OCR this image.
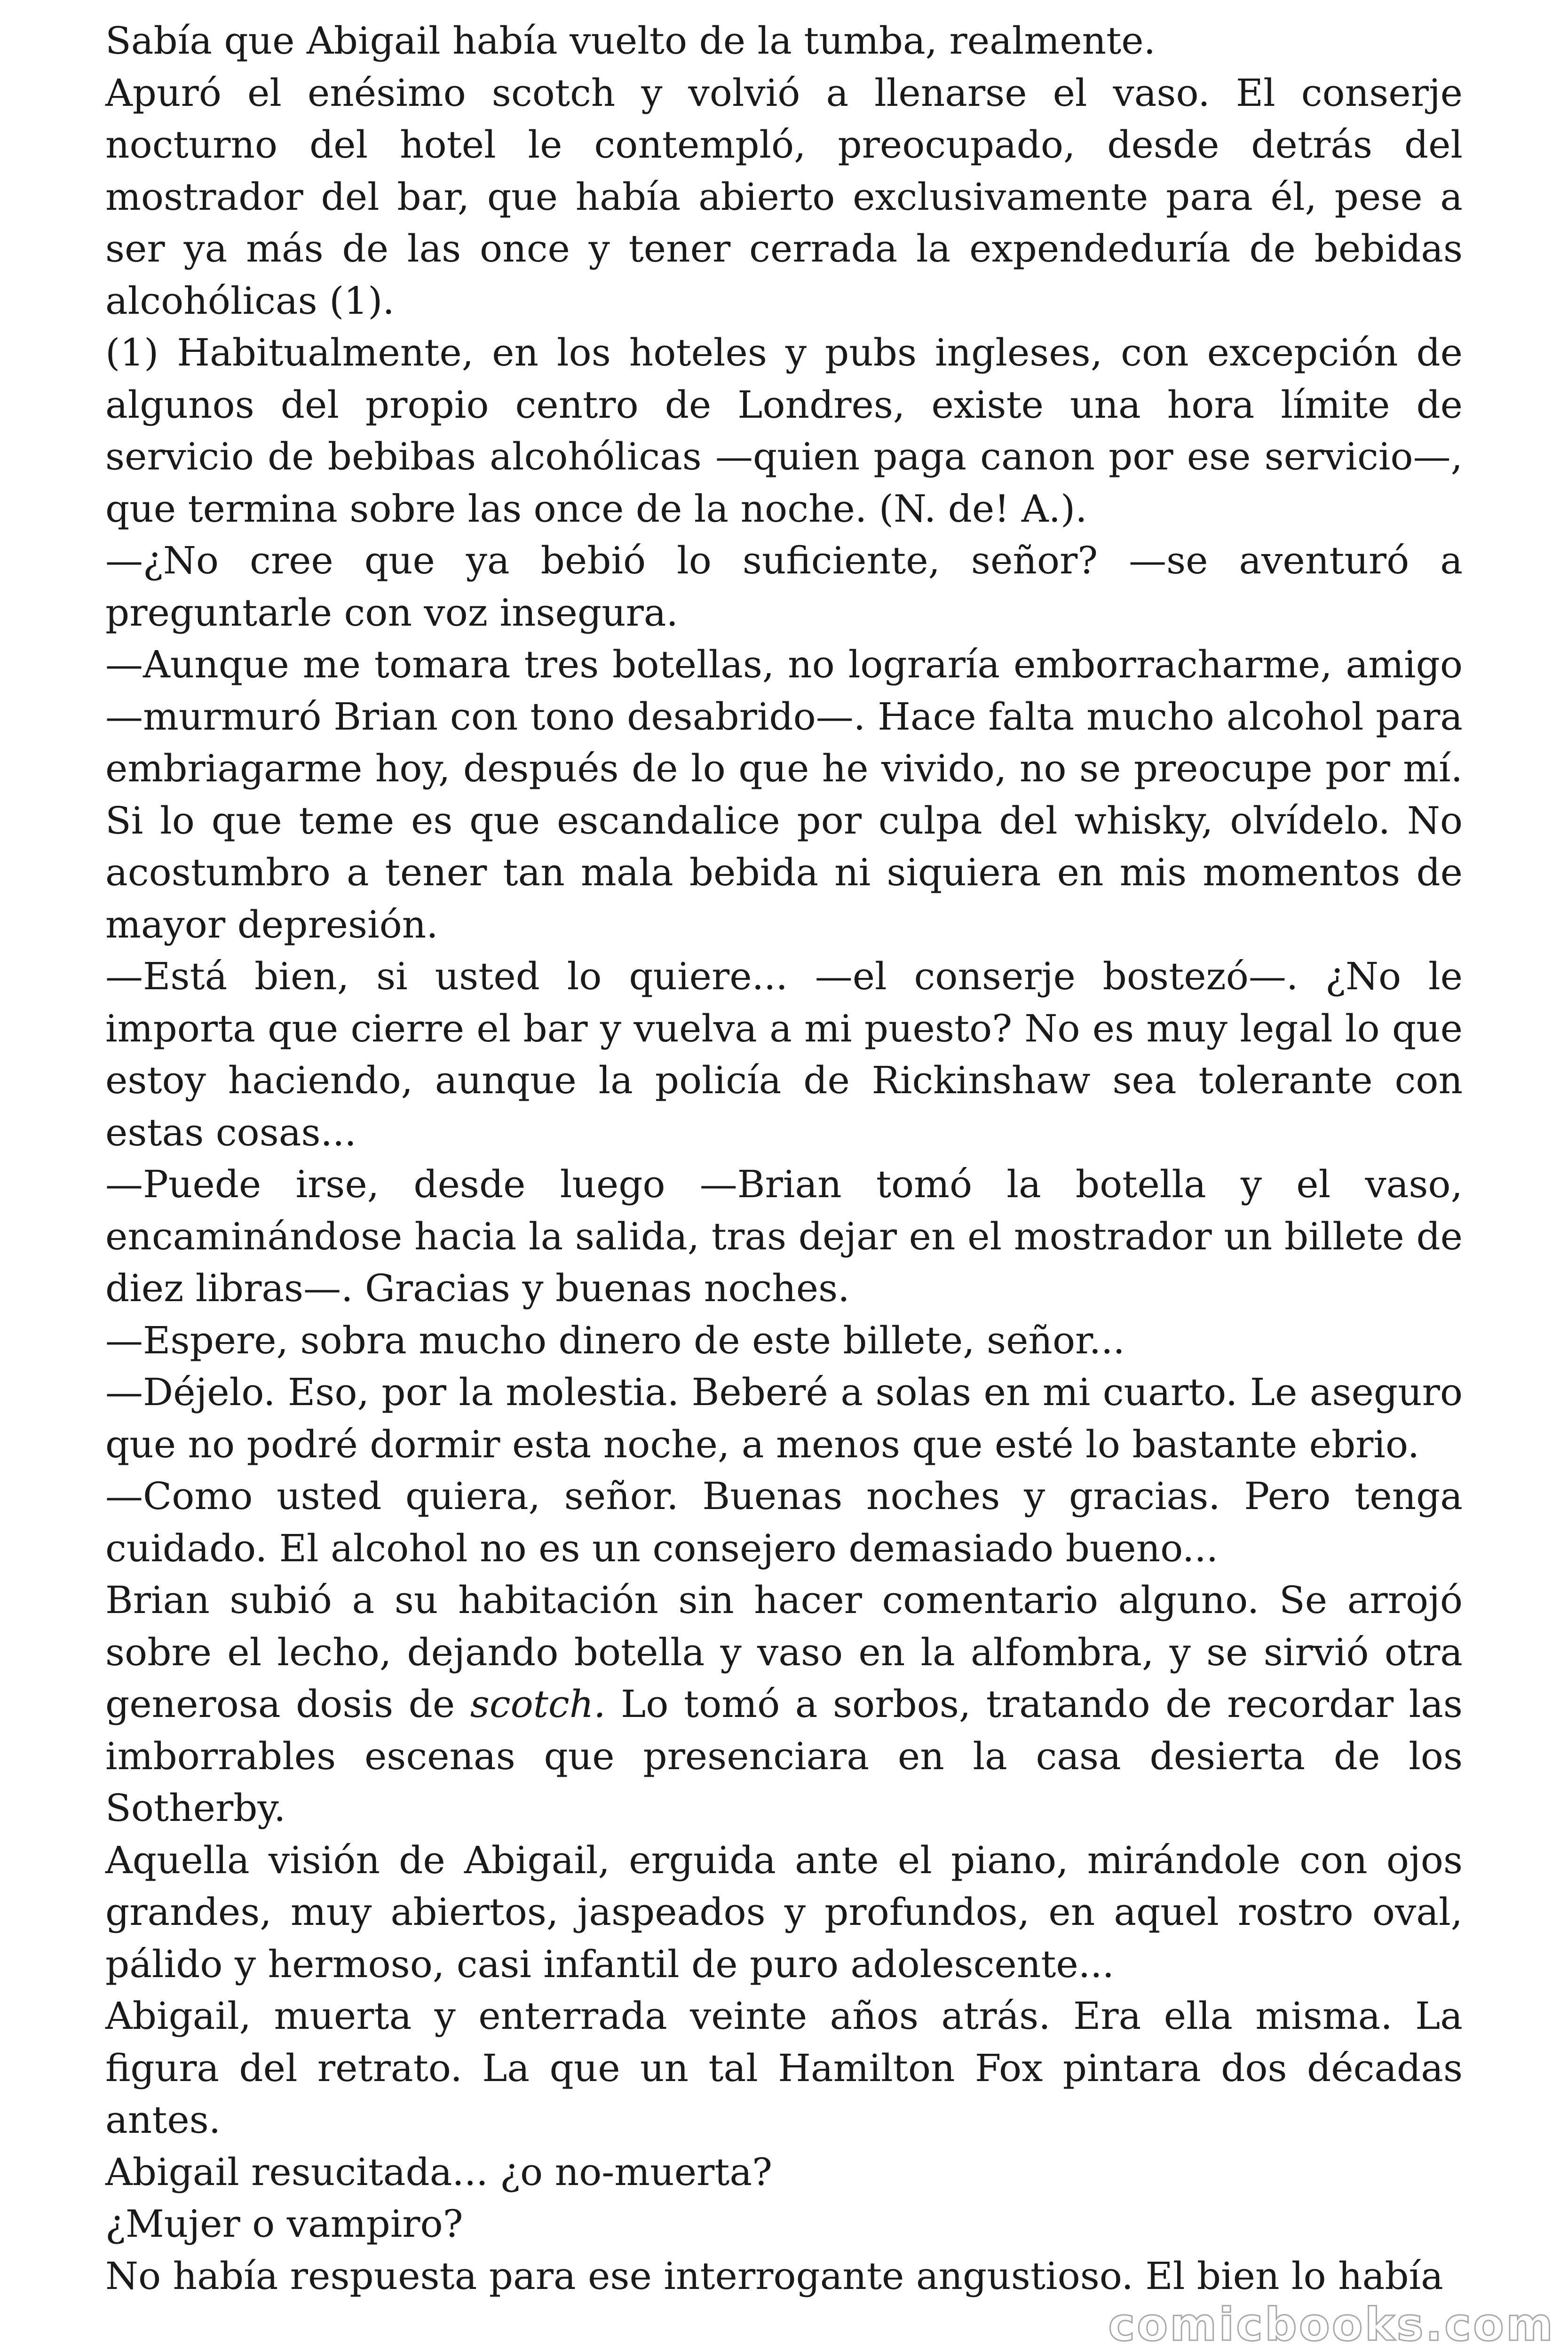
Sabía que Abigail había vuelto de la tumba, realmente.

Apuró el enésimo scotch y volvió a llenarse el vaso. El conserje nocturno del hotel le contempló, preocupado, desde detrás del mostrador del bar, que había abierto exclusivamente para él, pese a ser ya más de las once y tener cerrada la expendeduría de bebidas alcohólicas (1).

(1) Habitualmente, en los hoteles y pubs ingleses, con excepción de algunos del propio centro de Londres, existe una hora límite de servicio de bebibas alcohólicas —quien paga canon por ese servicio—, que termina sobre las once de la noche. (N. de! A.).

—¿No cree que ya bebió lo suficiente, señor? —se aventuró a preguntarle con voz insegura.

—Aunque me tomara tres botellas, no lograría emborracharme, amigo —murmuró Brian con tono desabrido—. Hace falta mucho alcohol para embriagarme hoy, después de lo que he vivido, no se preocupe por mí. Si lo que teme es que escandalice por culpa del whisky, olvídelo. No acostumbro a tener tan mala bebida ni siquiera en mis momentos de mayor depresión.

—Está bien, si usted lo quiere... —el conserje bostezó—. ¿No le importa que cierre el bar y vuelva a mi puesto? No es muy legal lo que estoy haciendo, aunque la policía de Rickinshaw sea tolerante con estas cosas...

—Puede irse, desde luego —Brian tomó la botella y el vaso, encaminándose hacia la salida, tras dejar en el mostrador un billete de diez libras—. Gracias y buenas noches.

—Espere, sobra mucho dinero de este billete, señor...

—Déjelo. Eso, por la molestia. Beberé a solas en mi cuarto. Le aseguro que no podré dormir esta noche, a menos que esté lo bastante ebrio.

—Como usted quiera, señor. Buenas noches y gracias. Pero tenga cuidado. El alcohol no es un consejero demasiado bueno...

Brian subió a su habitación sin hacer comentario alguno. Se arrojó sobre el lecho, dejando botella y vaso en la alfombra, y se sirvió otra generosa dosis de scotch. Lo tomó a sorbos, tratando de recordar las imborrables escenas que presenciara en la casa desierta de los Sotherby.

Aquella visión de Abigail, erguida ante el piano, mirándole con ojos grandes, muy abiertos, jaspeados y profundos, en aquel rostro oval, pálido y hermoso, casi infantil de puro adolescente...

Abigail, muerta y enterrada veinte años atrás. Era ella misma. La figura del retrato. La que un tal Hamilton Fox pintara dos décadas antes.

Abigail resucitada... ¿o no-muerta?

¿Mujer o vampiro?

No había respuesta para ese interrogante angustioso. El bien lo había

comicbooks.com
